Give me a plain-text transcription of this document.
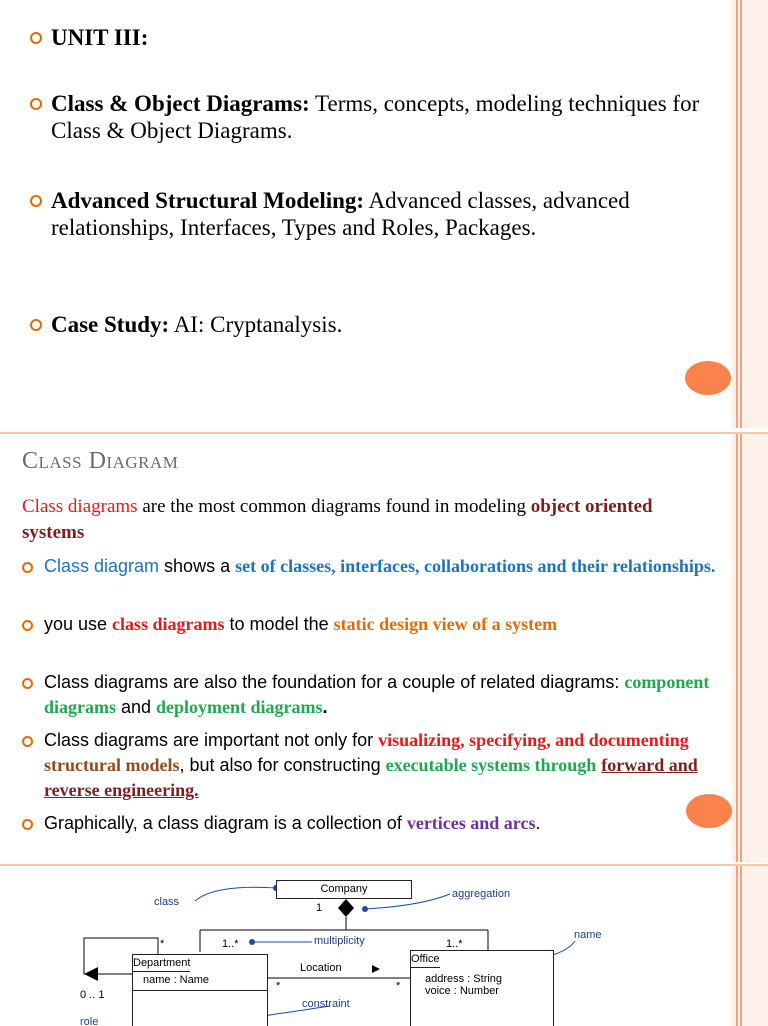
UNIT III:
Class & Object Diagrams: Terms, concepts, modeling techniques for Class & Object Diagrams.
Advanced Structural Modeling: Advanced classes, advanced relationships, Interfaces, Types and Roles, Packages.
Case Study: AI: Cryptanalysis.
Class Diagram
Class diagrams are the most common diagrams found in modeling object oriented systems
Class diagram shows a set of classes, interfaces, collaborations and their relationships.
you use class diagrams to model the static design view of a system
Class diagrams are also the foundation for a couple of related diagrams: component diagrams and deployment diagrams.
Class diagrams are important not only for visualizing, specifying, and documenting structural models, but also for constructing executable systems through forward and reverse engineering.
Graphically, a class diagram is a collection of vertices and arcs.
class
Company
1
aggregation
multiplicity
1..*	1..*
name
*
Department
name : Name
Office
address : String
voice : Number
Location
*	*
0 .. 1
constraint
role
